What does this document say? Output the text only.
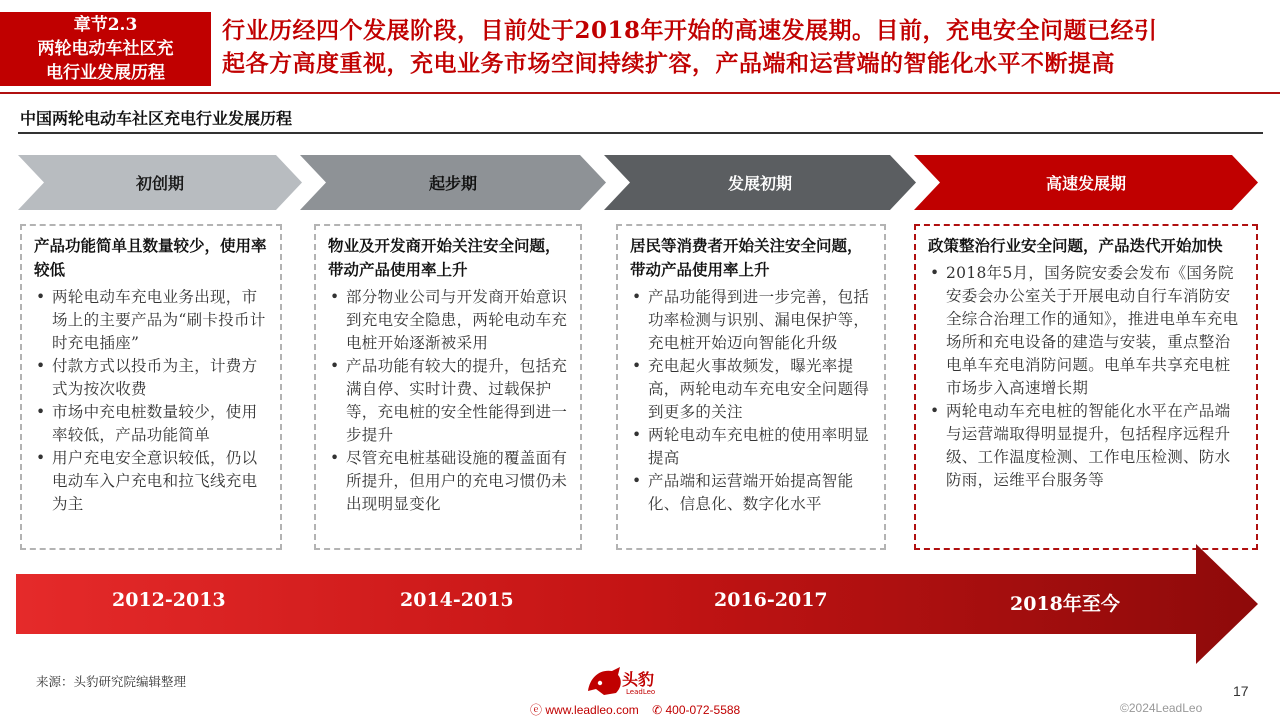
章节2.3
两轮电动车社区充
电行业发展历程
行业历经四个发展阶段，目前处于2018年开始的高速发展期。目前，充电安全问题已经引
起各方高度重视，充电业务市场空间持续扩容，产品端和运营端的智能化水平不断提高
中国两轮电动车社区充电行业发展历程
初创期	起步期	发展初期	高速发展期
产品功能简单且数量较少，使用率较低
• 两轮电动车充电业务出现，市场上的主要产品为“刷卡投币计时充电插座”
• 付款方式以投币为主，计费方式为按次收费
• 市场中充电桩数量较少，使用率较低，产品功能简单
• 用户充电安全意识较低，仍以电动车入户充电和拉飞线充电为主
物业及开发商开始关注安全问题，带动产品使用率上升
• 部分物业公司与开发商开始意识到充电安全隐患，两轮电动车充电桩开始逐渐被采用
• 产品功能有较大的提升，包括充满自停、实时计费、过载保护等，充电桩的安全性能得到进一步提升
• 尽管充电桩基础设施的覆盖面有所提升，但用户的充电习惯仍未出现明显变化
居民等消费者开始关注安全问题，带动产品使用率上升
• 产品功能得到进一步完善，包括功率检测与识别、漏电保护等，充电桩开始迈向智能化升级
• 充电起火事故频发，曝光率提高，两轮电动车充电安全问题得到更多的关注
• 两轮电动车充电桩的使用率明显提高
• 产品端和运营端开始提高智能化、信息化、数字化水平
政策整治行业安全问题，产品迭代开始加快
• 2018年5月，国务院安委会发布《国务院安委会办公室关于开展电动自行车消防安全综合治理工作的通知》，推进电单车充电场所和充电设备的建造与安装，重点整治电单车充电消防问题。电单车共享充电桩市场步入高速增长期
• 两轮电动车充电桩的智能化水平在产品端与运营端取得明显提升，包括程序远程升级、工作温度检测、工作电压检测、防水防雨，运维平台服务等
2012-2013	2014-2015	2016-2017	2018年至今
来源：头豹研究院编辑整理	头豹
LeadLeo
ⓔ www.leadleo.com ✆ 400-072-5588
17
©2024LeadLeo
